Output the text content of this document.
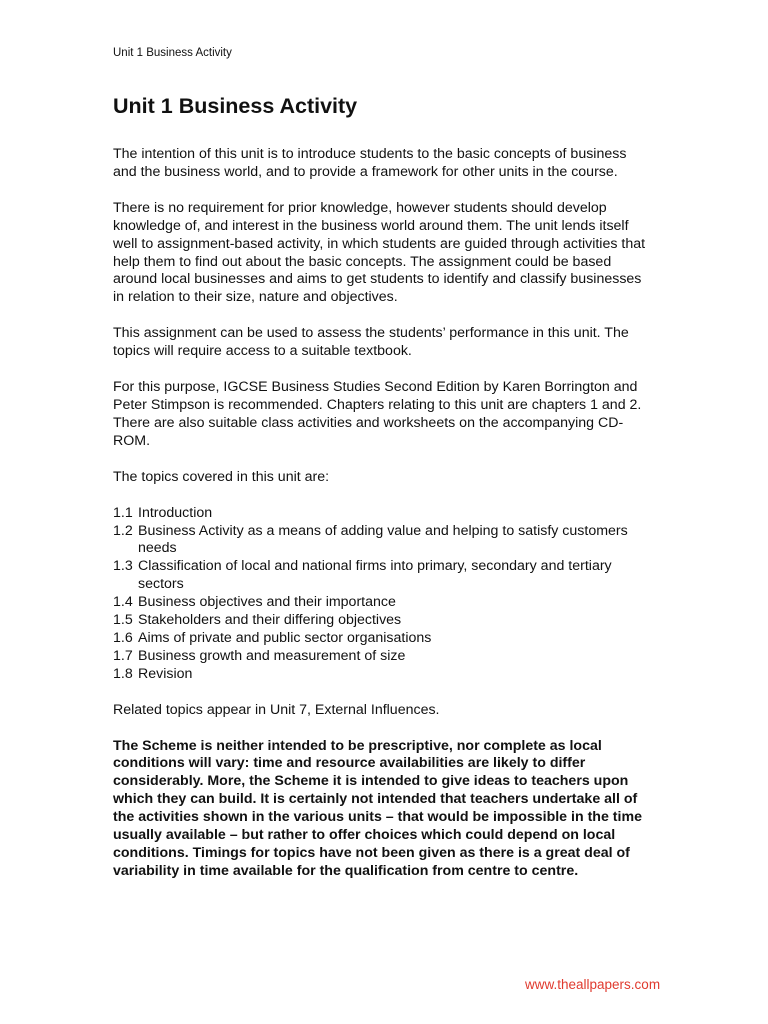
Unit 1 Business Activity
Unit 1 Business Activity

The intention of this unit is to introduce students to the basic concepts of business and the business world, and to provide a framework for other units in the course.

There is no requirement for prior knowledge, however students should develop knowledge of, and interest in the business world around them. The unit lends itself well to assignment-based activity, in which students are guided through activities that help them to find out about the basic concepts. The assignment could be based around local businesses and aims to get students to identify and classify businesses in relation to their size, nature and objectives.

This assignment can be used to assess the students’ performance in this unit. The topics will require access to a suitable textbook.

For this purpose, IGCSE Business Studies Second Edition by Karen Borrington and Peter Stimpson is recommended. Chapters relating to this unit are chapters 1 and 2. There are also suitable class activities and worksheets on the accompanying CD-ROM.

The topics covered in this unit are:

1.1 Introduction
1.2 Business Activity as a means of adding value and helping to satisfy customers needs
1.3 Classification of local and national firms into primary, secondary and tertiary sectors
1.4 Business objectives and their importance
1.5 Stakeholders and their differing objectives
1.6 Aims of private and public sector organisations
1.7 Business growth and measurement of size
1.8 Revision

Related topics appear in Unit 7, External Influences.

The Scheme is neither intended to be prescriptive, nor complete as local conditions will vary: time and resource availabilities are likely to differ considerably. More, the Scheme it is intended to give ideas to teachers upon which they can build. It is certainly not intended that teachers undertake all of the activities shown in the various units – that would be impossible in the time usually available – but rather to offer choices which could depend on local conditions. Timings for topics have not been given as there is a great deal of variability in time available for the qualification from centre to centre.

www.theallpapers.com
